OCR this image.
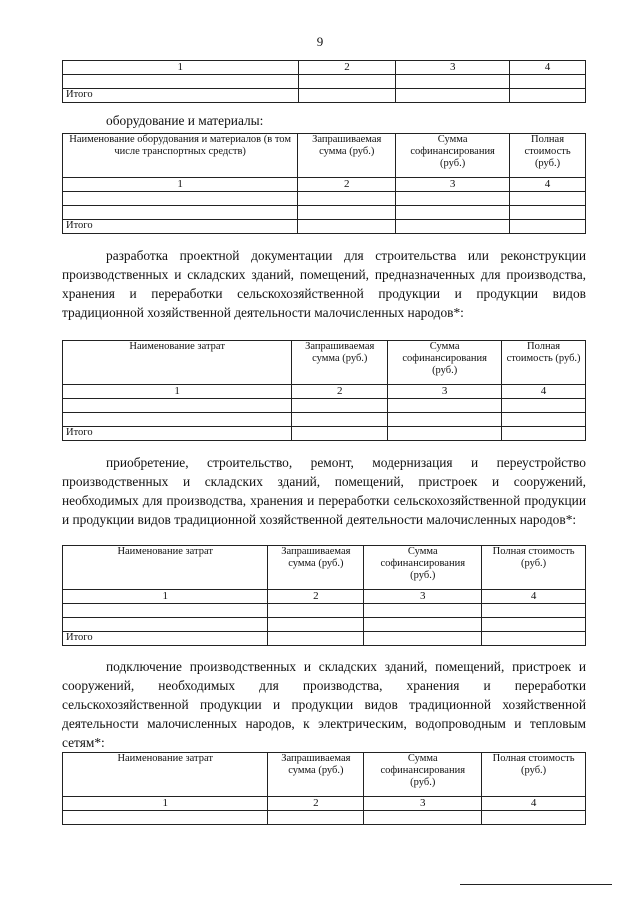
9
1	2	3	4

Итого			

оборудование и материалы:

Наименование оборудования и материалов (в том числе транспортных средств)	Запрашиваемая сумма (руб.)	Сумма софинансирования (руб.)	Полная стоимость (руб.)
1	2	3	4

Итого			

разработка проектной документации для строительства или реконструкции производственных и складских зданий, помещений, предназначенных для производства, хранения и переработки сельскохозяйственной продукции и продукции видов традиционной хозяйственной деятельности малочисленных народов*:

Наименование затрат	Запрашиваемая сумма (руб.)	Сумма софинансирования (руб.)	Полная стоимость (руб.)
1	2	3	4

Итого			

приобретение, строительство, ремонт, модернизация и переустройство производственных и складских зданий, помещений, пристроек и сооружений, необходимых для производства, хранения и переработки сельскохозяйственной продукции и продукции видов традиционной хозяйственной деятельности малочисленных народов*:

Наименование затрат	Запрашиваемая сумма (руб.)	Сумма софинансирования (руб.)	Полная стоимость (руб.)
1	2	3	4

Итого			

подключение производственных и складских зданий, помещений, пристроек и сооружений, необходимых для производства, хранения и переработки сельскохозяйственной продукции и продукции видов традиционной хозяйственной деятельности малочисленных народов, к электрическим, водопроводным и тепловым сетям*:

Наименование затрат	Запрашиваемая сумма (руб.)	Сумма софинансирования (руб.)	Полная стоимость (руб.)
1	2	3	4
